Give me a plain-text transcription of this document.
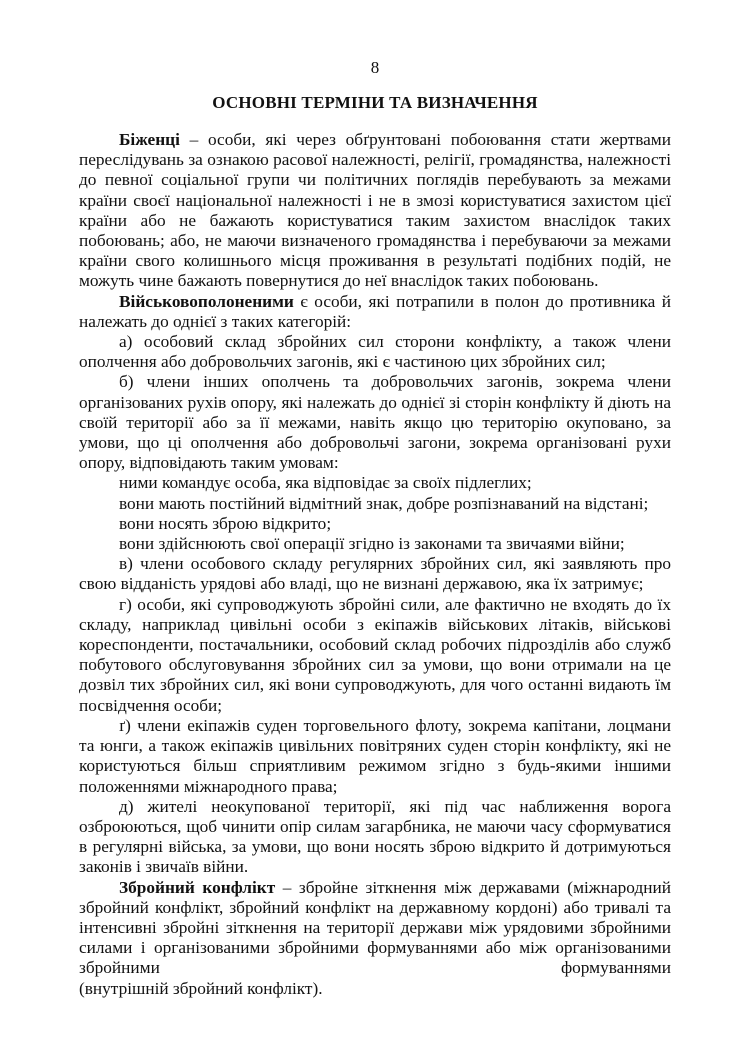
8
ОСНОВНІ ТЕРМІНИ ТА ВИЗНАЧЕННЯ

Біженці – особи, які через обґрунтовані побоювання стати жертвами переслідувань за ознакою расової належності, релігії, громадянства, належності до певної соціальної групи чи політичних поглядів перебувають за межами країни своєї національної належності і не в змозі користуватися захистом цієї країни або не бажають користуватися таким захистом внаслідок таких побоювань; або, не маючи визначеного громадянства і перебуваючи за межами країни свого колишнього місця проживання в результаті подібних подій, не можуть чине бажають повернутися до неї внаслідок таких побоювань.

Військовополоненими є особи, які потрапили в полон до противника й належать до однієї з таких категорій:

а) особовий склад збройних сил сторони конфлікту, а також члени ополчення або добровольчих загонів, які є частиною цих збройних сил;

б) члени інших ополчень та добровольчих загонів, зокрема члени організованих рухів опору, які належать до однієї зі сторін конфлікту й діють на своїй території або за її межами, навіть якщо цю територію окуповано, за умови, що ці ополчення або добровольчі загони, зокрема організовані рухи опору, відповідають таким умовам:

ними командує особа, яка відповідає за своїх підлеглих;

вони мають постійний відмітний знак, добре розпізнаваний на відстані;

вони носять зброю відкрито;

вони здійснюють свої операції згідно із законами та звичаями війни;

в) члени особового складу регулярних збройних сил, які заявляють про свою відданість урядові або владі, що не визнані державою, яка їх затримує;

г) особи, які супроводжують збройні сили, але фактично не входять до їх складу, наприклад цивільні особи з екіпажів військових літаків, військові кореспонденти, постачальники, особовий склад робочих підрозділів або служб побутового обслуговування збройних сил за умови, що вони отримали на це дозвіл тих збройних сил, які вони супроводжують, для чого останні видають їм посвідчення особи;

ґ) члени екіпажів суден торговельного флоту, зокрема капітани, лоцмани та юнги, а також екіпажів цивільних повітряних суден сторін конфлікту, які не користуються більш сприятливим режимом згідно з будь-якими іншими положеннями міжнародного права;

д) жителі неокупованої території, які під час наближення ворога озброюються, щоб чинити опір силам загарбника, не маючи часу сформуватися в регулярні війська, за умови, що вони носять зброю відкрито й дотримуються законів і звичаїв війни.

Збройний конфлікт – збройне зіткнення між державами (міжнародний збройний конфлікт, збройний конфлікт на державному кордоні) або тривалі та інтенсивні збройні зіткнення на території держави між урядовими збройними силами і організованими збройними формуваннями або між організованими збройними формуваннями

(внутрішній збройний конфлікт).
